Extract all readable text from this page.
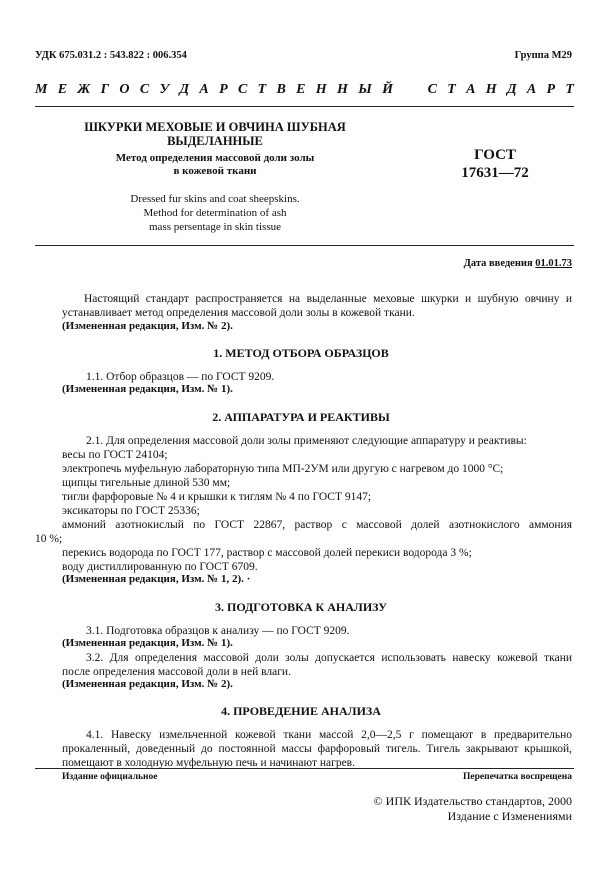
УДК 675.031.2 : 543.822 : 006.354	Группа М29
М Е Ж Г О С У Д А Р С Т В Е Н Н Ы Й С Т А Н Д А Р Т
ШКУРКИ МЕХОВЫЕ И ОВЧИНА ШУБНАЯ
ВЫДЕЛАННЫЕ
Метод определения массовой доли золы
в кожевой ткани
Dressed fur skins and coat sheepskins.
Method for determination of ash
mass persentage in skin tissue
ГОСТ
17631—72
Дата введения 01.01.73
Настоящий стандарт распространяется на выделанные меховые шкурки и шубную овчину и устанавливает метод определения массовой доли золы в кожевой ткани.
(Измененная редакция, Изм. № 2).
1. МЕТОД ОТБОРА ОБРАЗЦОВ
1.1. Отбор образцов — по ГОСТ 9209.
(Измененная редакция, Изм. № 1).
2. АППАРАТУРА И РЕАКТИВЫ
2.1. Для определения массовой доли золы применяют следующие аппаратуру и реактивы:
весы по ГОСТ 24104;
электропечь муфельную лабораторную типа МП-2УМ или другую с нагревом до 1000 °С;
щипцы тигельные длиной 530 мм;
тигли фарфоровые № 4 и крышки к тиглям № 4 по ГОСТ 9147;
эксикаторы по ГОСТ 25336;
аммоний азотнокислый по ГОСТ 22867, раствор с массовой долей азотнокислого аммония
10 %;
перекись водорода по ГОСТ 177, раствор с массовой долей перекиси водорода 3 %;
воду дистиллированную по ГОСТ 6709.
(Измененная редакция, Изм. № 1, 2). ·
3. ПОДГОТОВКА К АНАЛИЗУ
3.1. Подготовка образцов к анализу — по ГОСТ 9209.
(Измененная редакция, Изм. № 1).
3.2. Для определения массовой доли золы допускается использовать навеску кожевой ткани
после определения массовой доли в ней влаги.
(Измененная редакция, Изм. № 2).
4. ПРОВЕДЕНИЕ АНАЛИЗА
4.1. Навеску измельченной кожевой ткани массой 2,0—2,5 г помещают в предварительно
прокаленный, доведенный до постоянной массы фарфоровый тигель. Тигель закрывают крышкой,
помещают в холодную муфельную печь и начинают нагрев.
Издание официальное	Перепечатка воспрещена
© ИПК Издательство стандартов, 2000
Издание с Изменениями
